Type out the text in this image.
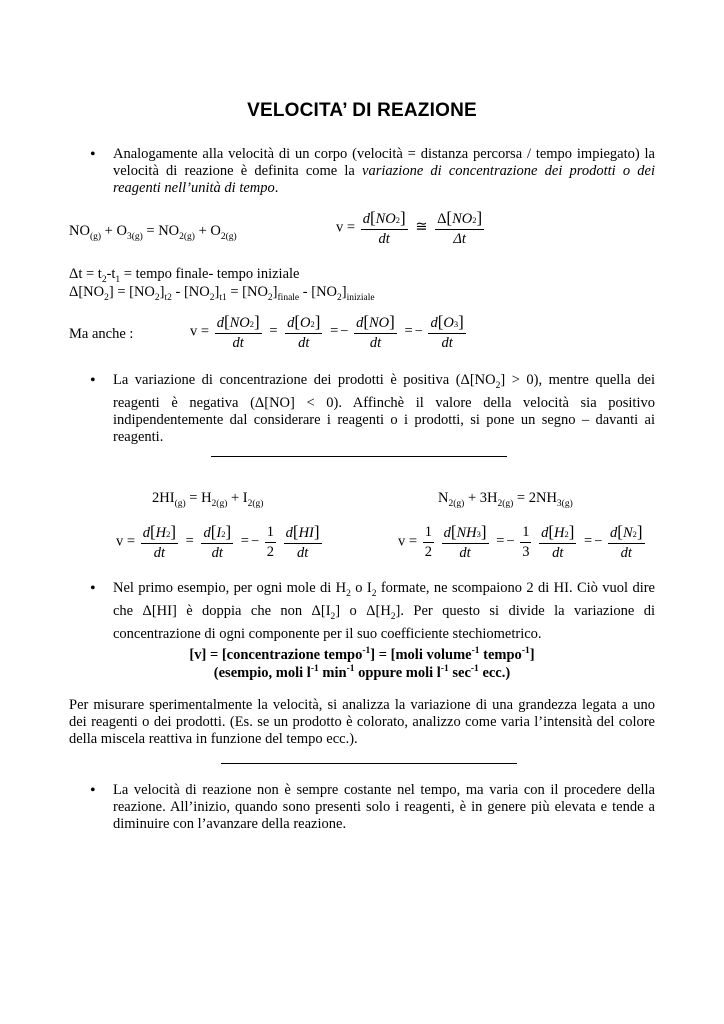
VELOCITA’ DI REAZIONE
• Analogamente alla velocità di un corpo (velocità = distanza percorsa / tempo impiegato) la velocità di reazione è definita come la variazione di concentrazione dei prodotti o dei reagenti nell’unità di tempo.
$NO_{(g)} + O_{3(g)} = NO_{2(g)} + O_{2(g)}$
$v = \frac{d[NO2]}{dt}$ ≅ $\frac{\Delta[NO2]}{\Delta t}$
$\Delta t = t_2-t_1$ = tempo finale- tempo iniziale
$\Delta[NO_2] = [NO_2]_{t2} - [NO_2]_{t1} = [NO_2]_{finale} - [NO_2]_{iniziale}$
Ma anche :	$v = \frac{d[NO2]}{dt} = \frac{d[O2]}{dt}$ = − $\frac{d[NO]}{dt}$ = − $\frac{d[O3]}{dt}$
• La variazione di concentrazione dei prodotti è positiva $(\Delta[NO_2] > 0)$, mentre quella dei reagenti è negativa (Δ[NO] < 0). Affinchè il valore della velocità sia positivo indipendentemente dal considerare i reagenti o i prodotti, si pone un segno – davanti ai reagenti.
$2HI_{(g)} = H_{2(g)} + I_{2(g)}$	$N_{2(g)} + 3H_{2(g)} = 2NH_{3(g)}$
$v = \frac{d[H2]}{dt} = \frac{d[I2]}{dt}$ = − $\frac{1}{2}$
$\frac{d[HI]}{dt}$	$v = \frac{1}{2}$
$\frac{d[NH3]}{dt}$ = − $\frac{1}{3}$
$\frac{d[H2]}{dt}$ = − $\frac{d[N2]}{dt}$
• Nel primo esempio, per ogni mole di $H_2$ o $I_2$ formate, ne scompaiono 2 di HI. Ciò vuol dire che Δ[HI] è doppia che non $\Delta[I_2]$ o $\Delta[H_2]$. Per questo si divide la variazione di concentrazione di ogni componente per il suo coefficiente stechiometrico.
[v] = [concentrazione tempo$^{-1}$] = [moli volume$^{-1}$ tempo$^{-1}$]
(esempio, moli $l^{-1}$ $\min^{-1}$ oppure moli $l^{-1}$ $\sec^{-1} ecc$.)
Per misurare sperimentalmente la velocità, si analizza la variazione di una grandezza legata a uno dei reagenti o dei prodotti. (Es. se un prodotto è colorato, analizzo come varia l’intensità del colore della miscela reattiva in funzione del tempo ecc.).
• La velocità di reazione non è sempre costante nel tempo, ma varia con il procedere della reazione. All’inizio, quando sono presenti solo i reagenti, è in genere più elevata e tende a diminuire con l’avanzare della reazione.
